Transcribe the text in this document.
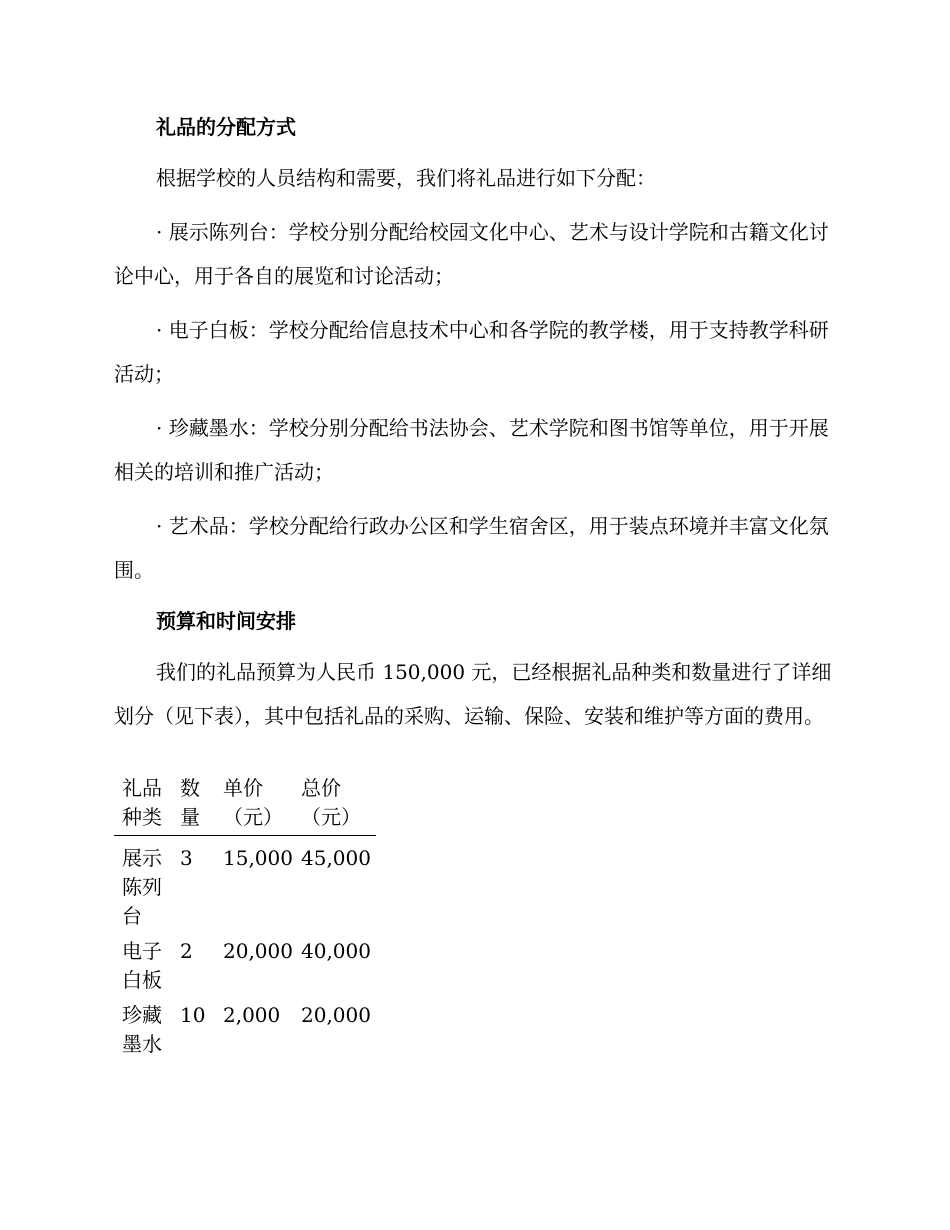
礼品的分配方式

根据学校的人员结构和需要，我们将礼品进行如下分配：

· 展示陈列台：学校分别分配给校园文化中心、艺术与设计学院和古籍文化讨论中心，用于各自的展览和讨论活动；

· 电子白板：学校分配给信息技术中心和各学院的教学楼，用于支持教学科研活动；

· 珍藏墨水：学校分别分配给书法协会、艺术学院和图书馆等单位，用于开展相关的培训和推广活动；

· 艺术品：学校分配给行政办公区和学生宿舍区，用于装点环境并丰富文化氛围。

预算和时间安排

我们的礼品预算为人民币 150,000 元，已经根据礼品种类和数量进行了详细划分（见下表），其中包括礼品的采购、运输、保险、安装和维护等方面的费用。

礼品种类	数量	单价（元）	总价（元）
展示陈列台	3	15,000	45,000
电子白板	2	20,000	40,000
珍藏墨水	10	2,000	20,000
